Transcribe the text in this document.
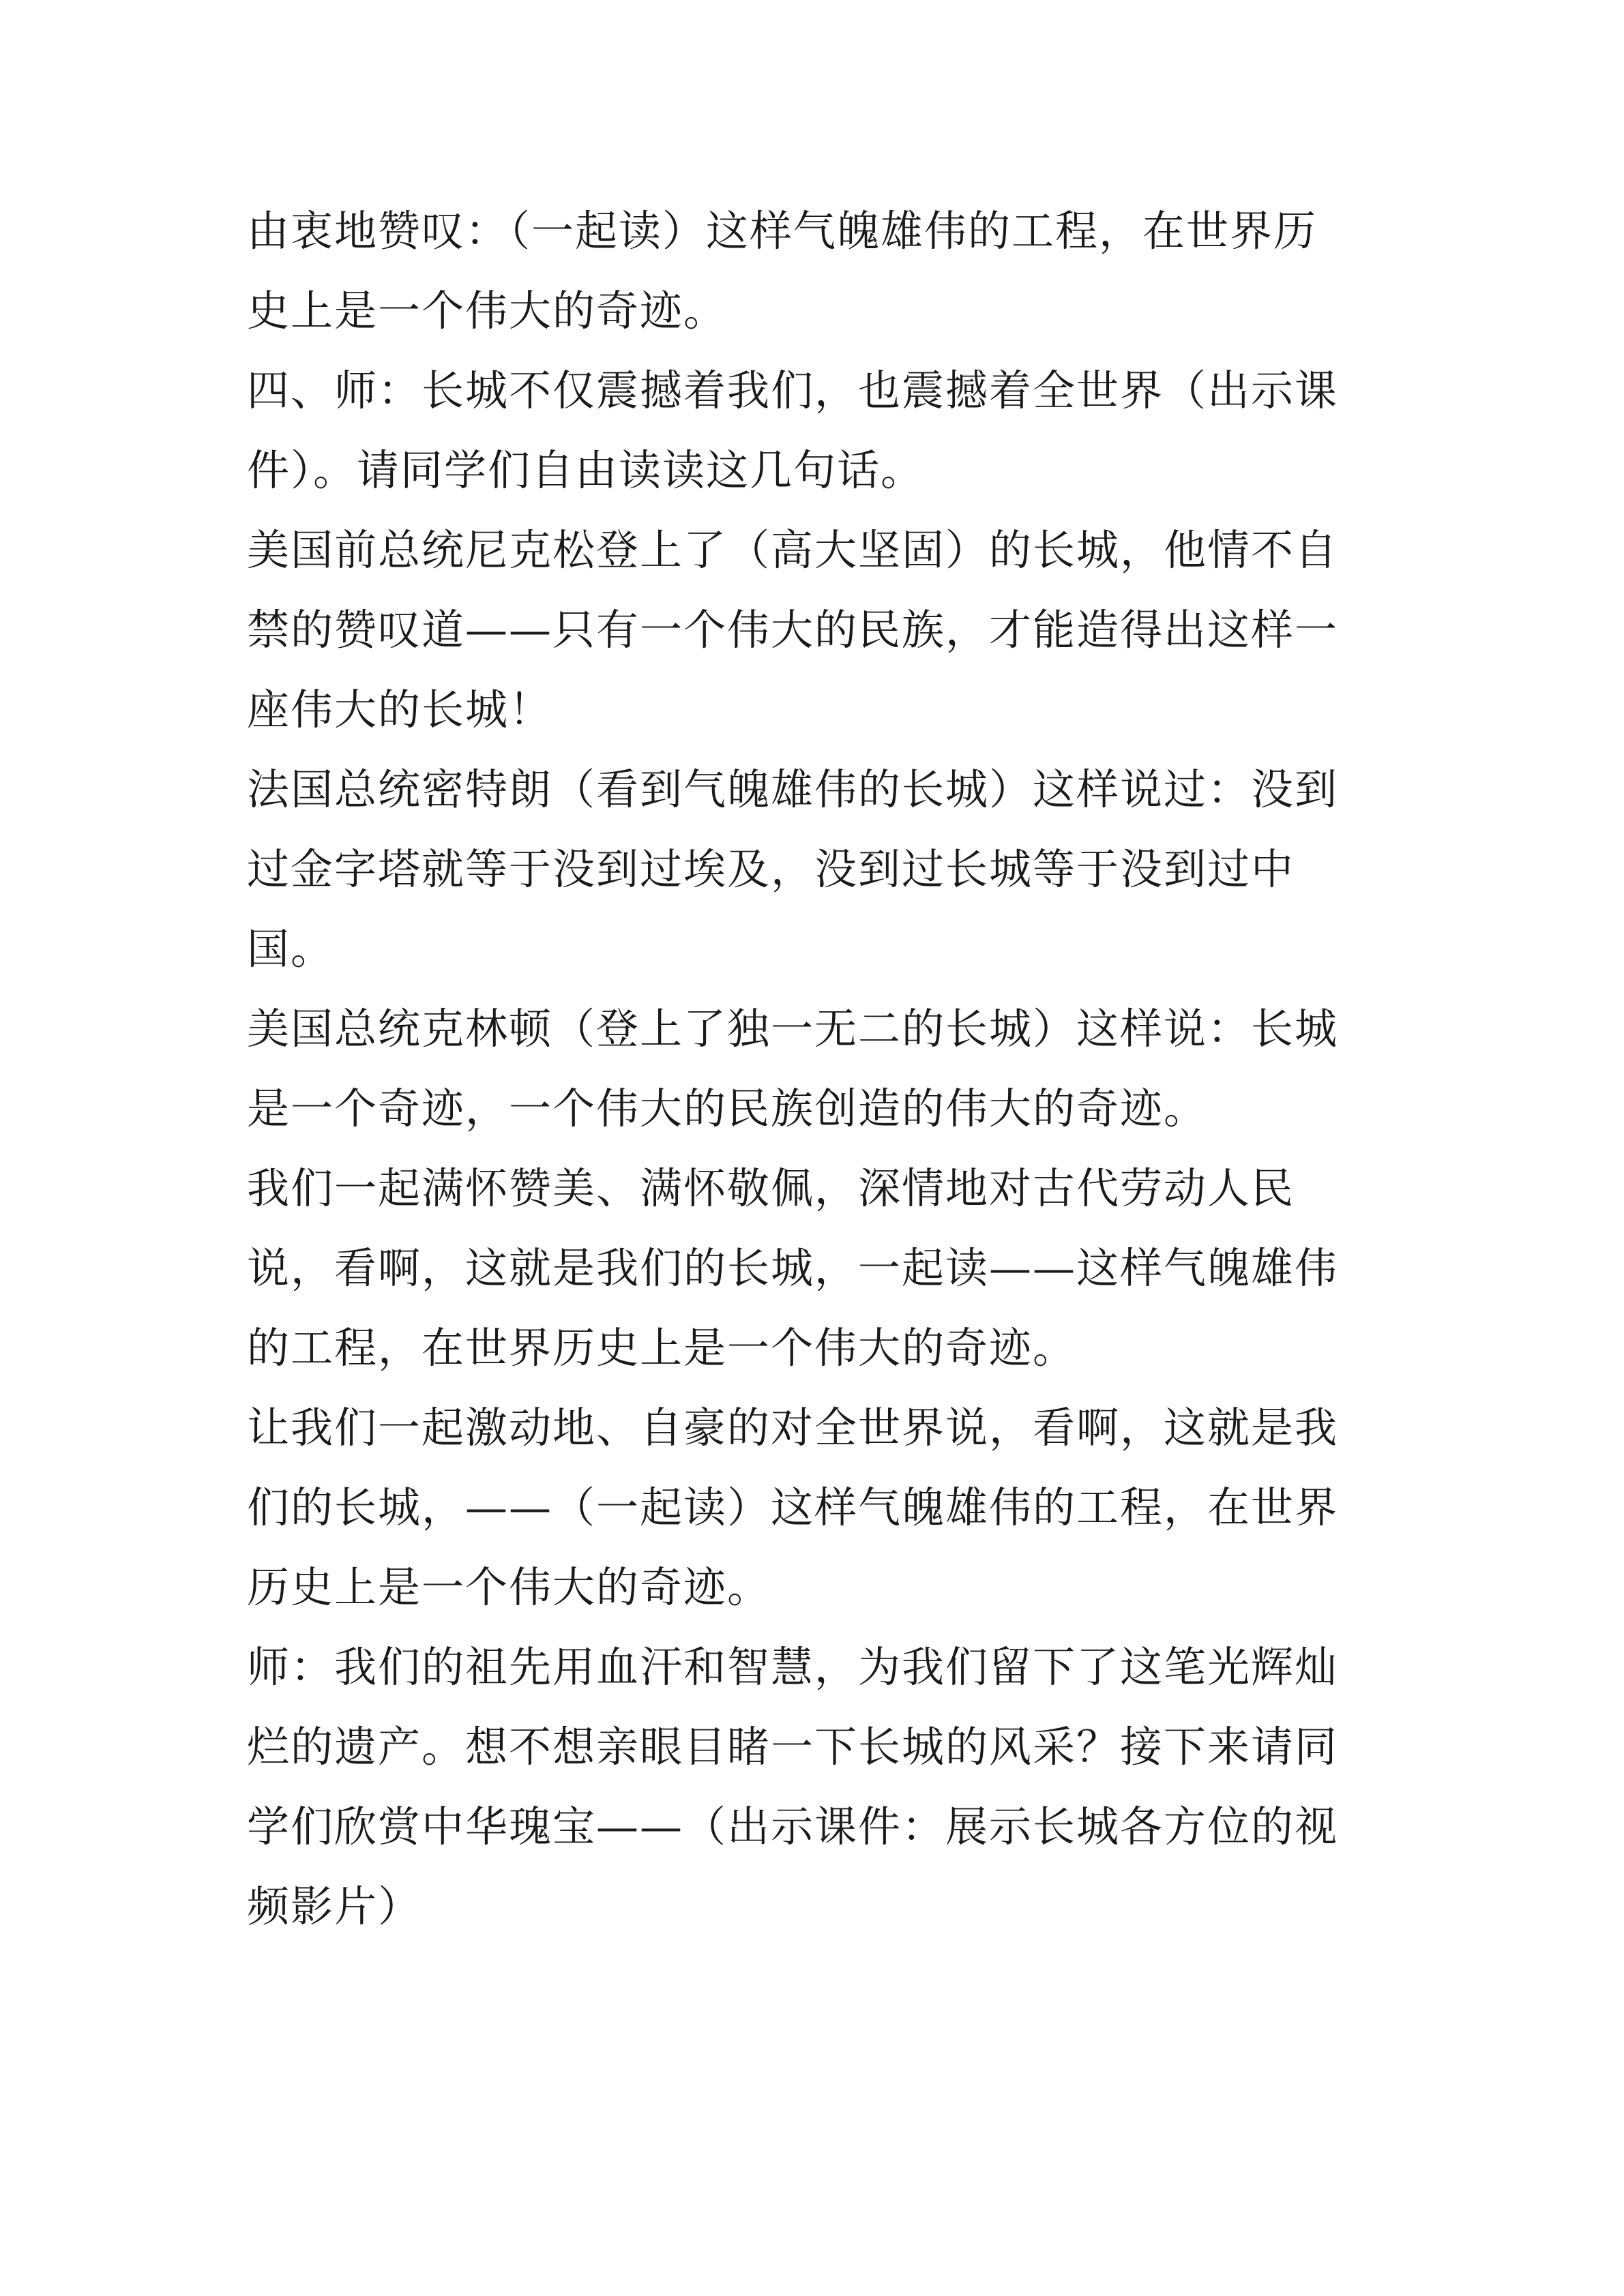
由衷地赞叹：（一起读）这样气魄雄伟的工程，在世界历
史上是一个伟大的奇迹。
四、师：长城不仅震撼着我们，也震撼着全世界（出示课
件）。请同学们自由读读这几句话。
美国前总统尼克松登上了（高大坚固）的长城，他情不自
禁的赞叹道——只有一个伟大的民族，才能造得出这样一
座伟大的长城！
法国总统密特朗（看到气魄雄伟的长城）这样说过：没到
过金字塔就等于没到过埃及，没到过长城等于没到过中
国。
美国总统克林顿（登上了独一无二的长城）这样说：长城
是一个奇迹，一个伟大的民族创造的伟大的奇迹。
我们一起满怀赞美、满怀敬佩，深情地对古代劳动人民
说，看啊，这就是我们的长城，一起读——这样气魄雄伟
的工程，在世界历史上是一个伟大的奇迹。
让我们一起激动地、自豪的对全世界说，看啊，这就是我
们的长城，——（一起读）这样气魄雄伟的工程，在世界
历史上是一个伟大的奇迹。
师：我们的祖先用血汗和智慧，为我们留下了这笔光辉灿
烂的遗产。想不想亲眼目睹一下长城的风采？接下来请同
学们欣赏中华瑰宝——（出示课件：展示长城各方位的视
频影片）
